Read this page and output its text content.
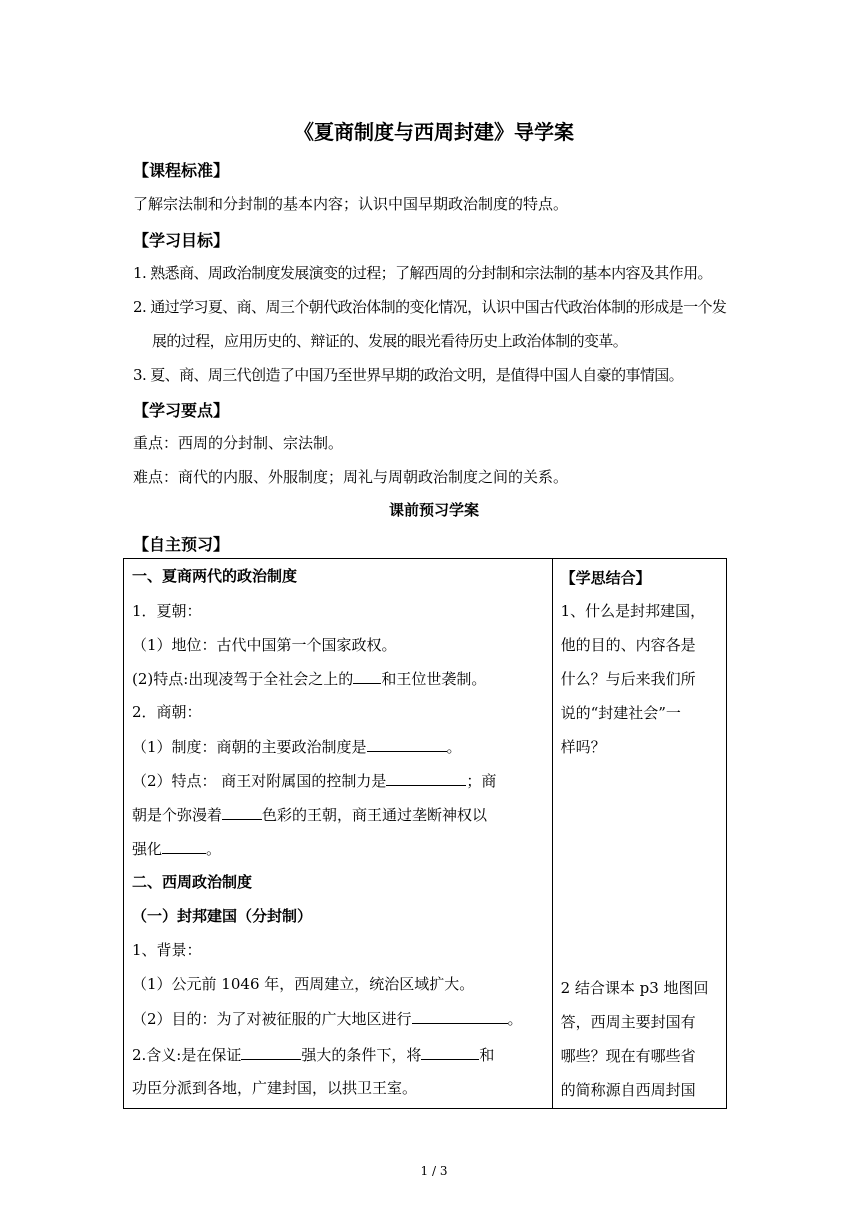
《夏商制度与西周封建》导学案
【课程标准】
了解宗法制和分封制的基本内容；认识中国早期政治制度的特点。
【学习目标】
1. 熟悉商、周政治制度发展演变的过程；了解西周的分封制和宗法制的基本内容及其作用。
2. 通过学习夏、商、周三个朝代政治体制的变化情况，认识中国古代政治体制的形成是一个发
展的过程，应用历史的、辩证的、发展的眼光看待历史上政治体制的变革。
3. 夏、商、周三代创造了中国乃至世界早期的政治文明，是值得中国人自豪的事情国。
【学习要点】
重点：西周的分封制、宗法制。
难点：商代的内服、外服制度；周礼与周朝政治制度之间的关系。
课前预习学案
【自主预习】
一、夏商两代的政治制度
1．夏朝：
（1）地位：古代中国第一个国家政权。
(2)特点:出现凌驾于全社会之上的 和王位世袭制。
2．商朝：
（1）制度：商朝的主要政治制度是	。
（2）特点： 商王对附属国的控制力是	；商
朝是个弥漫着	色彩的王朝，商王通过垄断神权以
强化	。
二、西周政治制度
（一）封邦建国（分封制）
1、背景：
（1）公元前 1046 年，西周建立，统治区域扩大。
（2）目的：为了对被征服的广大地区进行	。
2.含义:是在保证	强大的条件下，将	和
功臣分派到各地，广建封国，以拱卫王室。

【学思结合】
1、什么是封邦建国，
他的目的、内容各是
什么？与后来我们所
说的“封建社会”一
样吗？
2 结合课本 p3 地图回
答，西周主要封国有
哪些？现在有哪些省
的简称源自西周封国
1 / 3
